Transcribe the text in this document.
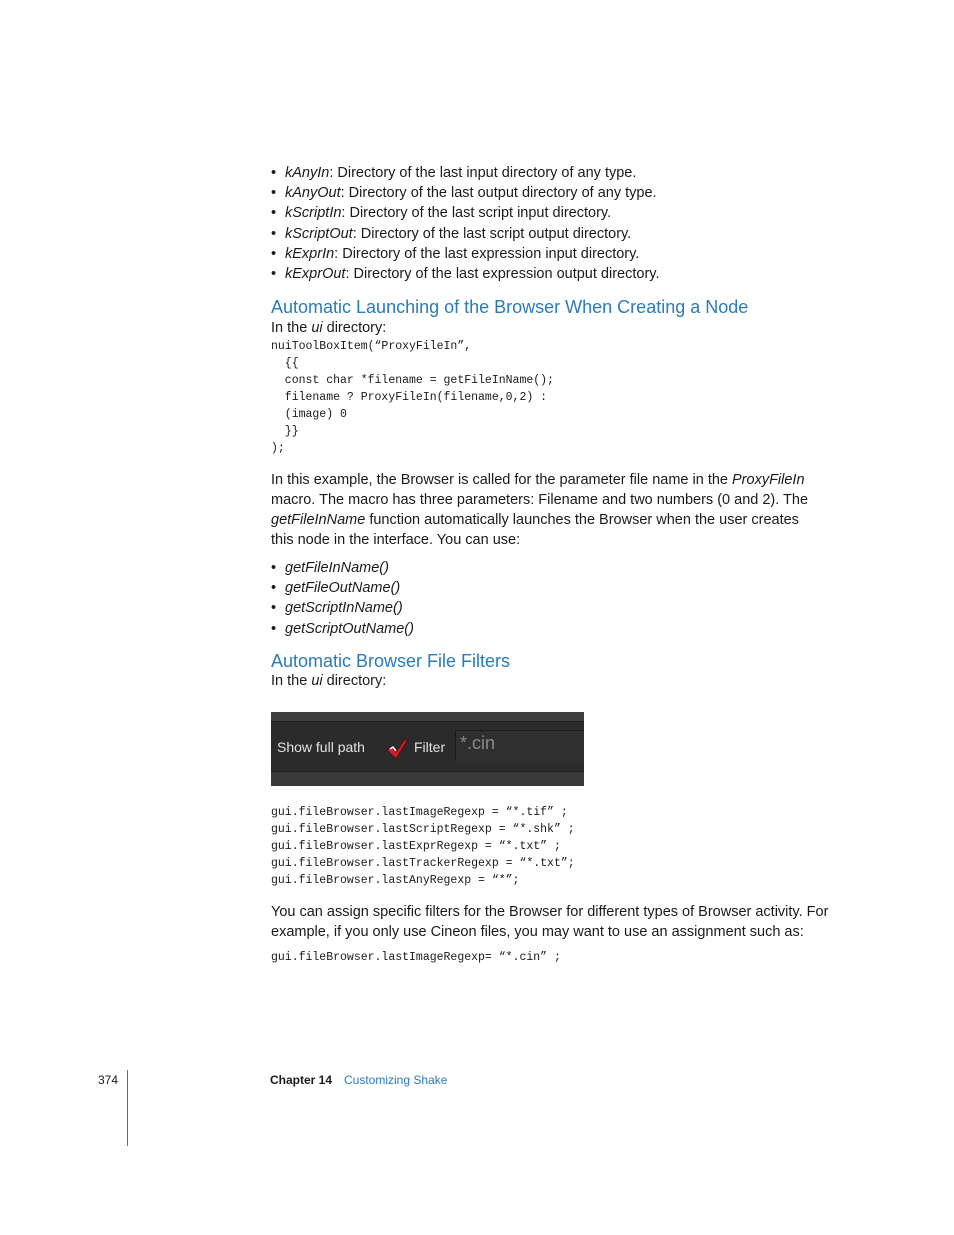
• kAnyIn: Directory of the last input directory of any type.
• kAnyOut: Directory of the last output directory of any type.
• kScriptIn: Directory of the last script input directory.
• kScriptOut: Directory of the last script output directory.
• kExprIn: Directory of the last expression input directory.
• kExprOut: Directory of the last expression output directory.
Automatic Launching of the Browser When Creating a Node
In the ui directory:
nuiToolBoxItem(“ProxyFileIn”,
{{
const char *filename = getFileInName();
filename ? ProxyFileIn(filename,0,2) :
(image) 0
}}
);
In this example, the Browser is called for the parameter file name in the ProxyFileIn macro. The macro has three parameters: Filename and two numbers (0 and 2). The getFileInName function automatically launches the Browser when the user creates this node in the interface. You can use:
• getFileInName()
• getFileOutName()
• getScriptInName()
• getScriptOutName()
Automatic Browser File Filters
In the ui directory:
Show full path	Filter *.cin
gui.fileBrowser.lastImageRegexp = “*.tif” ;
gui.fileBrowser.lastScriptRegexp = “*.shk” ;
gui.fileBrowser.lastExprRegexp = “*.txt” ;
gui.fileBrowser.lastTrackerRegexp = “*.txt”;
gui.fileBrowser.lastAnyRegexp = “*”;
You can assign specific filters for the Browser for different types of Browser activity. For example, if you only use Cineon files, you may want to use an assignment such as:
gui.fileBrowser.lastImageRegexp= “*.cin” ;
374	Chapter 14 Customizing Shake
